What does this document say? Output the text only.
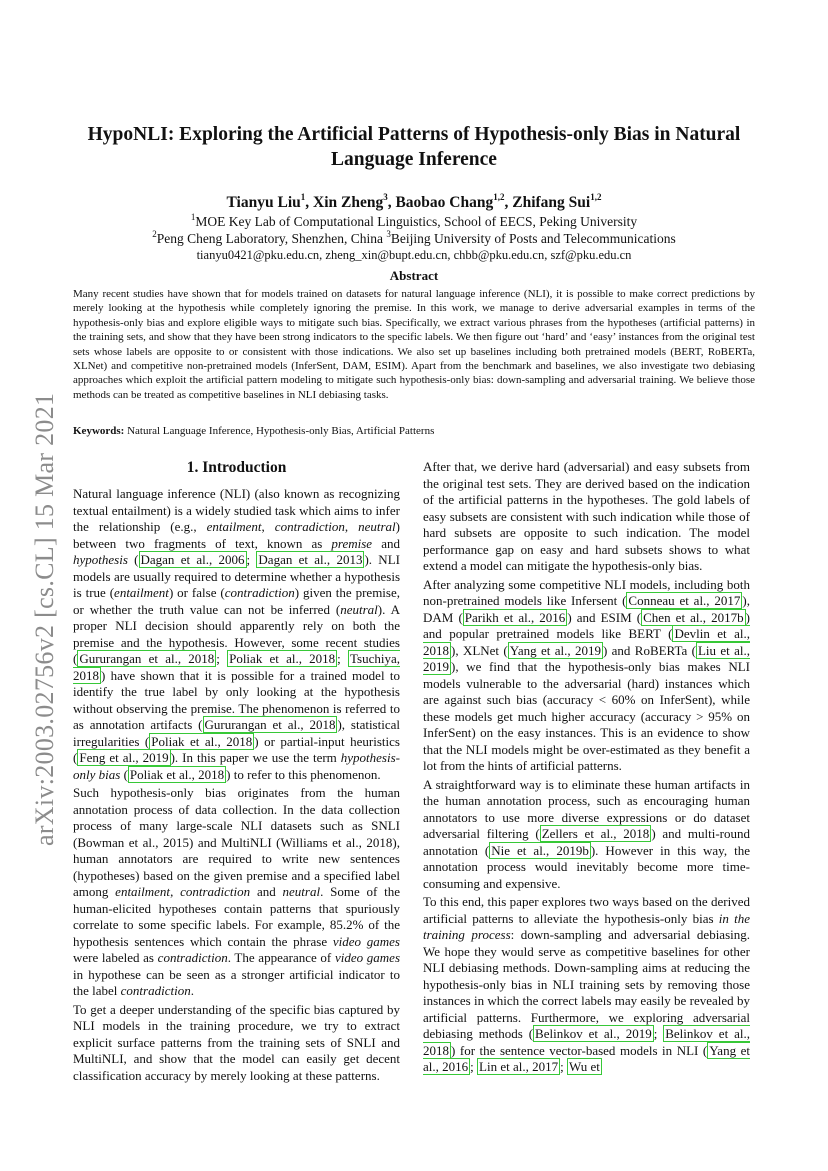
arXiv:2003.02756v2 [cs.CL] 15 Mar 2021
HypoNLI: Exploring the Artificial Patterns of Hypothesis-only Bias in Natural Language Inference
Tianyu Liu$^1$, Xin Zheng$^3$, Baobao Chang$^{1,2}$, Zhifang Sui$^{1,2}$
$^1$MOE Key Lab of Computational Linguistics, School of EECS, Peking University
$^2$Peng Cheng Laboratory, Shenzhen, China $^3$Beijing University of Posts and Telecommunications
tianyu0421@pku.edu.cn, zheng_xin@bupt.edu.cn, chbb@pku.edu.cn, szf@pku.edu.cn
Abstract
Many recent studies have shown that for models trained on datasets for natural language inference (NLI), it is possible to make correct predictions by merely looking at the hypothesis while completely ignoring the premise. In this work, we manage to derive adversarial examples in terms of the hypothesis-only bias and explore eligible ways to mitigate such bias. Specifically, we extract various phrases from the hypotheses (artificial patterns) in the training sets, and show that they have been strong indicators to the specific labels. We then figure out ‘hard’ and ‘easy’ instances from the original test sets whose labels are opposite to or consistent with those indications. We also set up baselines including both pretrained models (BERT, RoBERTa, XLNet) and competitive non-pretrained models (InferSent, DAM, ESIM). Apart from the benchmark and baselines, we also investigate two debiasing approaches which exploit the artificial pattern modeling to mitigate such hypothesis-only bias: down-sampling and adversarial training. We believe those methods can be treated as competitive baselines in NLI debiasing tasks.
Keywords: Natural Language Inference, Hypothesis-only Bias, Artificial Patterns
1. Introduction

Natural language inference (NLI) (also known as recognizing textual entailment) is a widely studied task which aims to infer the relationship (e.g., entailment, contradiction, neutral) between two fragments of text, known as premise and hypothesis ( Dagan et al., 2006 ; Dagan et al., 2013 ). NLI models are usually required to determine whether a hypothesis is true (entailment) or false (contradiction) given the premise, or whether the truth value can not be inferred (neutral). A proper NLI decision should apparently rely on both the premise and the hypothesis. However, some recent studies ( Gururangan et al., 2018 ; Poliak et al., 2018 ; Tsuchiya, 2018 ) have shown that it is possible for a trained model to identify the true label by only looking at the hypothesis without observing the premise. The phenomenon is referred to as annotation artifacts ( Gururangan et al., 2018 ), statistical irregularities ( Poliak et al., 2018 ) or partial-input heuristics ( Feng et al., 2019 ). In this paper we use the term hypothesis-only bias ( Poliak et al., 2018 ) to refer to this phenomenon.

Such hypothesis-only bias originates from the human annotation process of data collection. In the data collection process of many large-scale NLI datasets such as SNLI (Bowman et al., 2015) and MultiNLI (Williams et al., 2018), human annotators are required to write new sentences (hypotheses) based on the given premise and a specified label among entailment, contradiction and neutral. Some of the human-elicited hypotheses contain patterns that spuriously correlate to some specific labels. For example, 85.2% of the hypothesis sentences which contain the phrase video games were labeled as contradiction. The appearance of video games in hypothese can be seen as a stronger artificial indicator to the label contradiction.

To get a deeper understanding of the specific bias captured by NLI models in the training procedure, we try to extract explicit surface patterns from the training sets of SNLI and MultiNLI, and show that the model can easily get decent classification accuracy by merely looking at these patterns.

After that, we derive hard (adversarial) and easy subsets from the original test sets. They are derived based on the indication of the artificial patterns in the hypotheses. The gold labels of easy subsets are consistent with such indication while those of hard subsets are opposite to such indication. The model performance gap on easy and hard subsets shows to what extend a model can mitigate the hypothesis-only bias.

After analyzing some competitive NLI models, including both non-pretrained models like Infersent ( Conneau et al., 2017 ), DAM ( Parikh et al., 2016 ) and ESIM ( Chen et al., 2017b ) and popular pretrained models like BERT ( Devlin et al., 2018 ), XLNet ( Yang et al., 2019 ) and RoBERTa ( Liu et al., 2019 ), we find that the hypothesis-only bias makes NLI models vulnerable to the adversarial (hard) instances which are against such bias (accuracy < 60% on InferSent), while these models get much higher accuracy (accuracy > 95% on InferSent) on the easy instances. This is an evidence to show that the NLI models might be over-estimated as they benefit a lot from the hints of artificial patterns.

A straightforward way is to eliminate these human artifacts in the human annotation process, such as encouraging human annotators to use more diverse expressions or do dataset adversarial filtering ( Zellers et al., 2018 ) and multi-round annotation ( Nie et al., 2019b ). However in this way, the annotation process would inevitably become more time-consuming and expensive.

To this end, this paper explores two ways based on the derived artificial patterns to alleviate the hypothesis-only bias in the training process: down-sampling and adversarial debiasing. We hope they would serve as competitive baselines for other NLI debiasing methods. Down-sampling aims at reducing the hypothesis-only bias in NLI training sets by removing those instances in which the correct labels may easily be revealed by artificial patterns. Furthermore, we exploring adversarial debiasing methods ( Belinkov et al., 2019 ; Belinkov et al., 2018 ) for the sentence vector-based models in NLI ( Yang et al., 2016 ; Lin et al., 2017 ; Wu et
